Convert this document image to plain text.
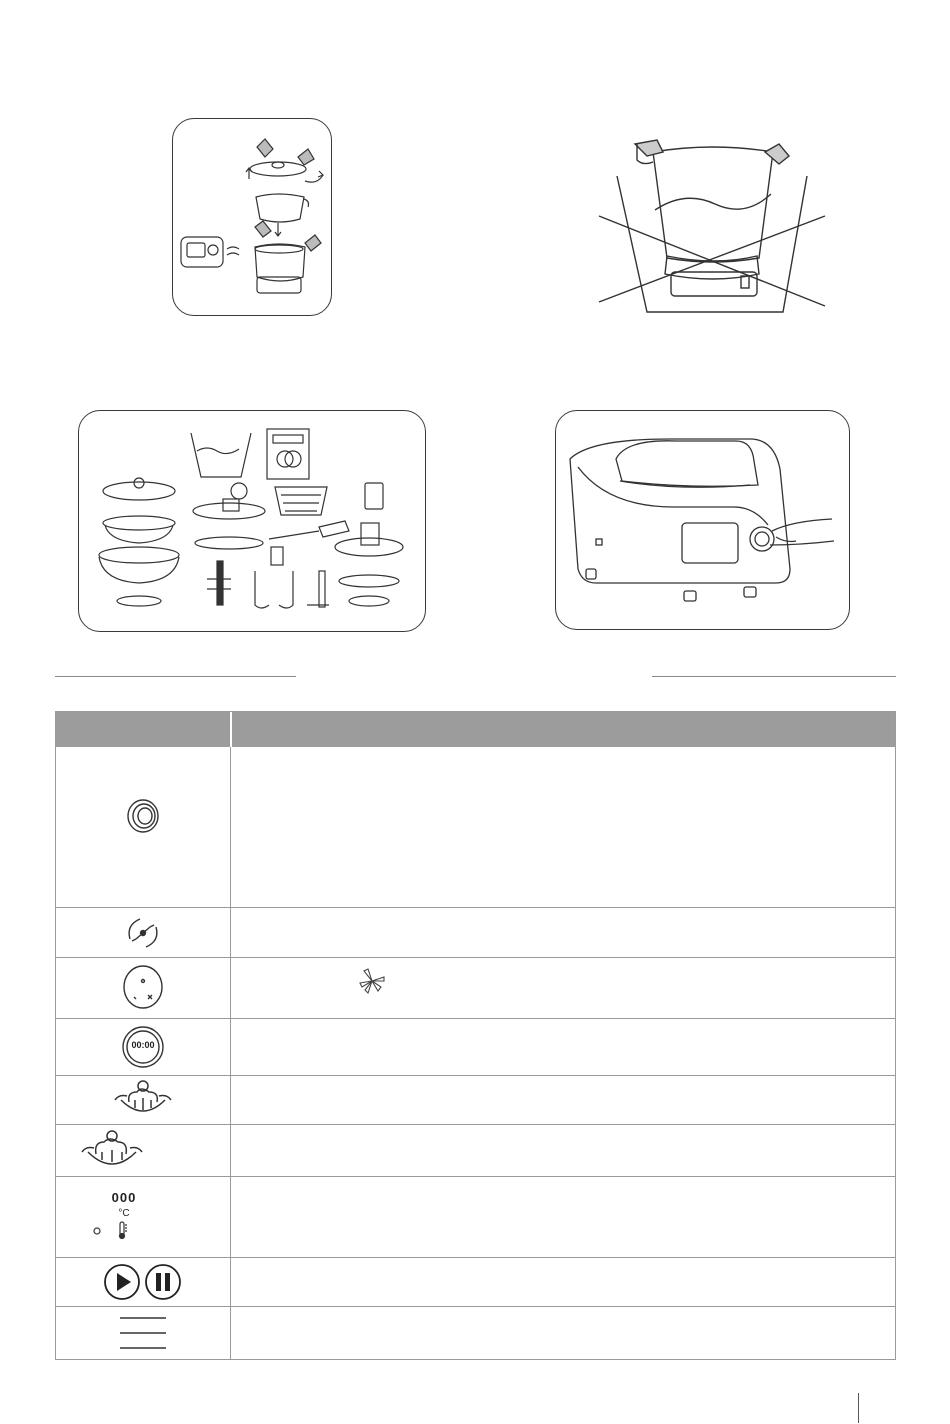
00:00
000
°C
